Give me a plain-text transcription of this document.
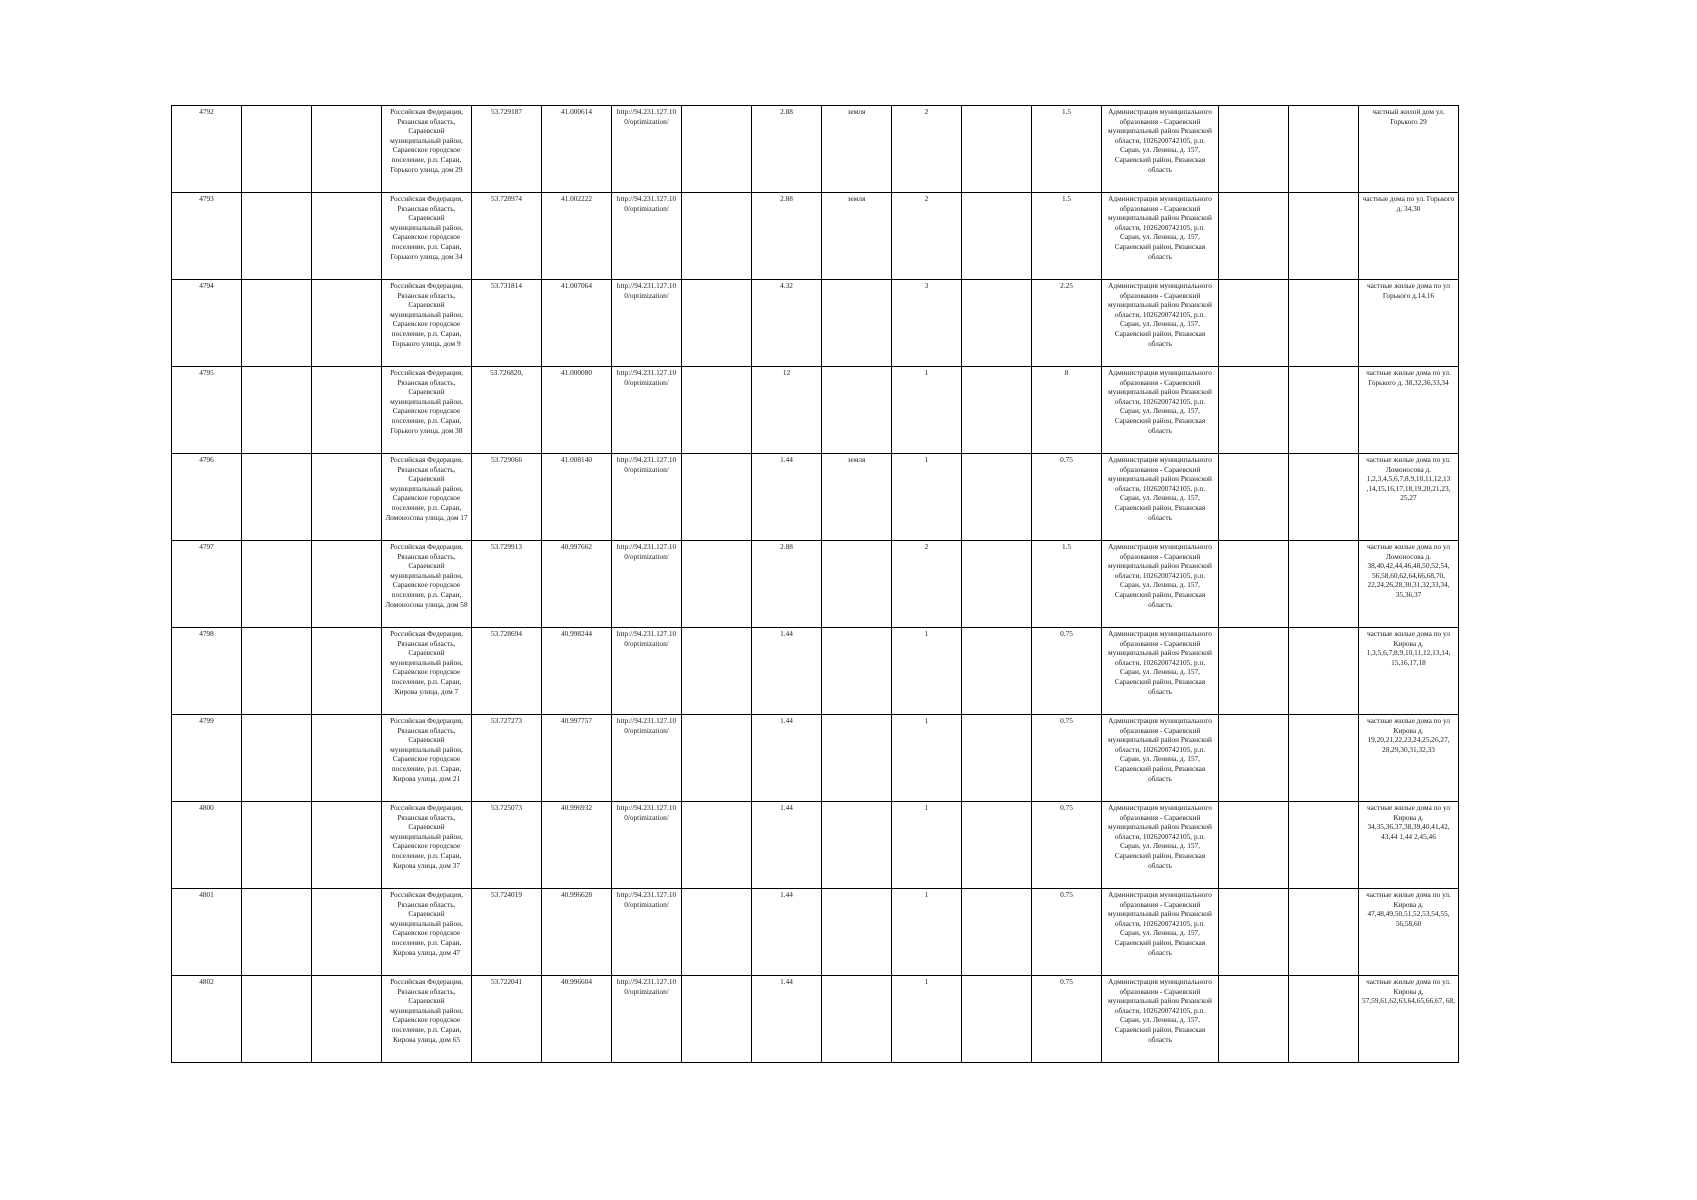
4792			Российская Федерация, Рязанская область, Сараевский муниципальный район, Сараевское городское поселение, р.п. Сараи, Горького улица, дом 29	53.729187	41.000614	http://94.231.127.10 0/optimization/		2.88	земля	2		1.5	Администрация муниципального образования - Сараевский муниципальный район Рязанской области, 1026200742105, р.п. Сараи, ул. Ленина, д. 157, Сараевский район, Рязанская область			частный жилой дом ул. Горького 29
4793			Российская Федерация, Рязанская область, Сараевский муниципальный район, Сараевское городское поселение, р.п. Сараи, Горького улица, дом 34	53.728974	41.002222	http://94.231.127.10 0/optimization/		2.88	земля	2		1.5	Администрация муниципального образования - Сараевский муниципальный район Рязанской области, 1026200742105, р.п. Сараи, ул. Ленина, д. 157, Сараевский район, Рязанская область			частные дома по ул. Горького д. 34,30
4794			Российская Федерация, Рязанская область, Сараевский муниципальный район, Сараевское городское поселение, р.п. Сараи, Горького улица, дом 9	53.731814	41.007064	http://94.231.127.10 0/optimization/		4.32		3		2.25	Администрация муниципального образования - Сараевский муниципальный район Рязанской области, 1026200742105, р.п. Сараи, ул. Ленина, д. 157, Сараевский район, Рязанская область			частные жилые дома по ул Горького д.14,16
4795			Российская Федерация, Рязанская область, Сараевский муниципальный район, Сараевское городское поселение, р.п. Сараи, Горького улица, дом 38	53.726820,	41.000080	http://94.231.127.10 0/optimization/		12		1		8	Администрация муниципального образования - Сараевский муниципальный район Рязанской области, 1026200742105, р.п. Сараи, ул. Ленина, д. 157, Сараевский район, Рязанская область			частные жилые дома по ул. Горького д. 38,32,36,33,34
4796			Российская Федерация, Рязанская область, Сараевский муниципальный район, Сараевское городское поселение, р.п. Сараи, Ломоносова улица, дом 17	53.729066	41.008140	http://94.231.127.10 0/optimization/		1.44	земля	1		0.75	Администрация муниципального образования - Сараевский муниципальный район Рязанской области, 1026200742105, р.п. Сараи, ул. Ленина, д. 157, Сараевский район, Рязанская область			частные жилые дома по ул. Ломоносова д. 1,2,3,4,5,6,7,8,9,10,11,12,13 ,14,15,16,17,18,19,20,21,23, 25,27
4797			Российская Федерация, Рязанская область, Сараевский муниципальный район, Сараевское городское поселение, р.п. Сараи, Ломоносова улица, дом 58	53.729913	40.997662	http://94.231.127.10 0/optimization/		2.88		2		1.5	Администрация муниципального образования - Сараевский муниципальный район Рязанской области, 1026200742105, р.п. Сараи, ул. Ленина, д. 157, Сараевский район, Рязанская область			частные жилые дома по ул Ломоносова д. 38,40,42,44,46,48,50,52,54, 56,58,60,62,64,66,68,70, 22,24,26,28,30,31,32,33,34, 35,36,37
4798			Российская Федерация, Рязанская область, Сараевский муниципальный район, Сараевское городское поселение, р.п. Сараи, Кирова улица, дом 7	53.728694	40.998244	http://94.231.127.10 0/optimization/		1.44		1		0.75	Администрация муниципального образования - Сараевский муниципальный район Рязанской области, 1026200742105, р.п. Сараи, ул. Ленина, д. 157, Сараевский район, Рязанская область			частные жилые дома по ул Кирова д. 1,3,5,6,7,8,9,10,11,12,13,14, 15,16,17,18
4799			Российская Федерация, Рязанская область, Сараевский муниципальный район, Сараевское городское поселение, р.п. Сараи, Кирова улица, дом 21	53.727273	40.997757	http://94.231.127.10 0/optimization/		1.44		1		0.75	Администрация муниципального образования - Сараевский муниципальный район Рязанской области, 1026200742105, р.п. Сараи, ул. Ленина, д. 157, Сараевский район, Рязанская область			частные жилые дома по ул Кирова д. 19,20,21,22,23,24,25,26,27, 28,29,30,31,32,33
4800			Российская Федерация, Рязанская область, Сараевский муниципальный район, Сараевское городское поселение, р.п. Сараи, Кирова улица, дом 37	53.725073	40.996932	http://94.231.127.10 0/optimization/		1.44		1		0.75	Администрация муниципального образования - Сараевский муниципальный район Рязанской области, 1026200742105, р.п. Сараи, ул. Ленина, д. 157, Сараевский район, Рязанская область			частные жилые дома по ул Кирова д. 34,35,36,37,38,39,40,41,42, 43,44 1,44 2,45,46
4801			Российская Федерация, Рязанская область, Сараевский муниципальный район, Сараевское городское поселение, р.п. Сараи, Кирова улица, дом 47	53.724019	40.996628	http://94.231.127.10 0/optimization/		1.44		1		0.75	Администрация муниципального образования - Сараевский муниципальный район Рязанской области, 1026200742105, р.п. Сараи, ул. Ленина, д. 157, Сараевский район, Рязанская область			частные жилые дома по ул. Кирова д. 47,48,49,50,51,52,53,54,55, 56,58,60
4802			Российская Федерация, Рязанская область, Сараевский муниципальный район, Сараевское городское поселение, р.п. Сараи, Кирова улица, дом 65	53.722041	40.996604	http://94.231.127.10 0/optimization/		1.44		1		0.75	Администрация муниципального образования - Сараевский муниципальный район Рязанской области, 1026200742105, р.п. Сараи, ул. Ленина, д. 157, Сараевский район, Рязанская область			частные жилые дома по ул. Кирова д. 57,59,61,62,63,64,65,66,67, 68,
